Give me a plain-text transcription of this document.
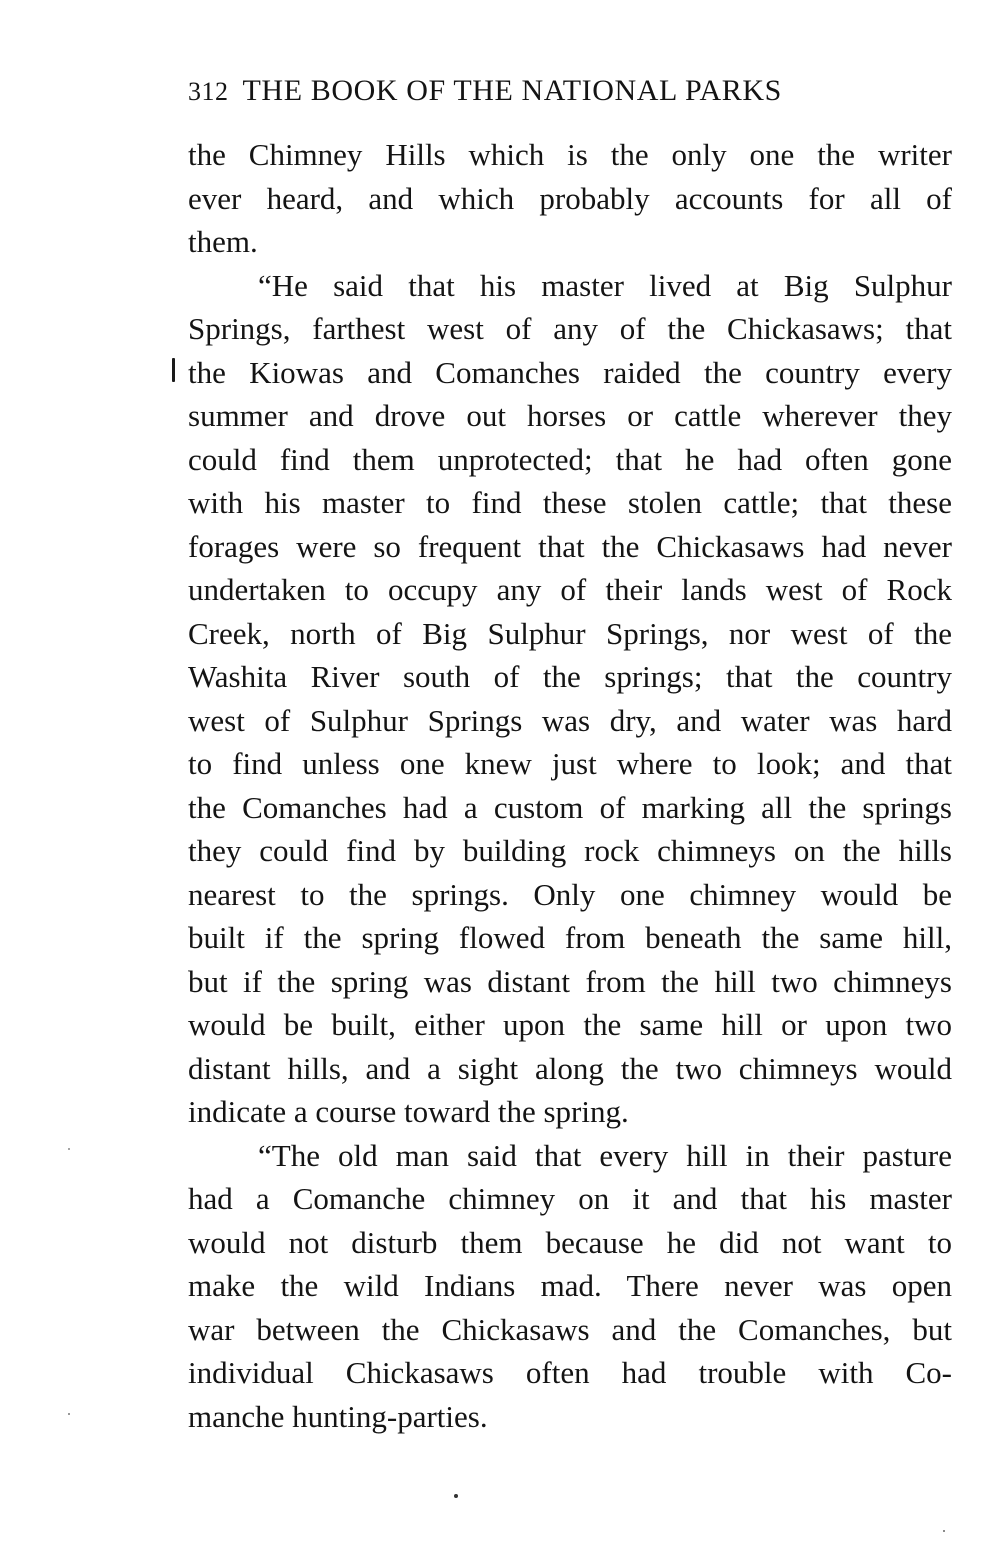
312 THE BOOK OF THE NATIONAL PARKS
the Chimney Hills which is the only one the writer
ever heard, and which probably accounts for all of
them.
“He said that his master lived at Big Sulphur
Springs, farthest west of any of the Chickasaws; that
the Kiowas and Comanches raided the country every
summer and drove out horses or cattle wherever they
could find them unprotected; that he had often gone
with his master to find these stolen cattle; that these
forages were so frequent that the Chickasaws had never
undertaken to occupy any of their lands west of Rock
Creek, north of Big Sulphur Springs, nor west of the
Washita River south of the springs; that the country
west of Sulphur Springs was dry, and water was hard
to find unless one knew just where to look; and that
the Comanches had a custom of marking all the springs
they could find by building rock chimneys on the hills
nearest to the springs. Only one chimney would be
built if the spring flowed from beneath the same hill,
but if the spring was distant from the hill two chimneys
would be built, either upon the same hill or upon two
distant hills, and a sight along the two chimneys would
indicate a course toward the spring.
“The old man said that every hill in their pasture
had a Comanche chimney on it and that his master
would not disturb them because he did not want to
make the wild Indians mad. There never was open
war between the Chickasaws and the Comanches, but
individual Chickasaws often had trouble with Co-
manche hunting-parties.
